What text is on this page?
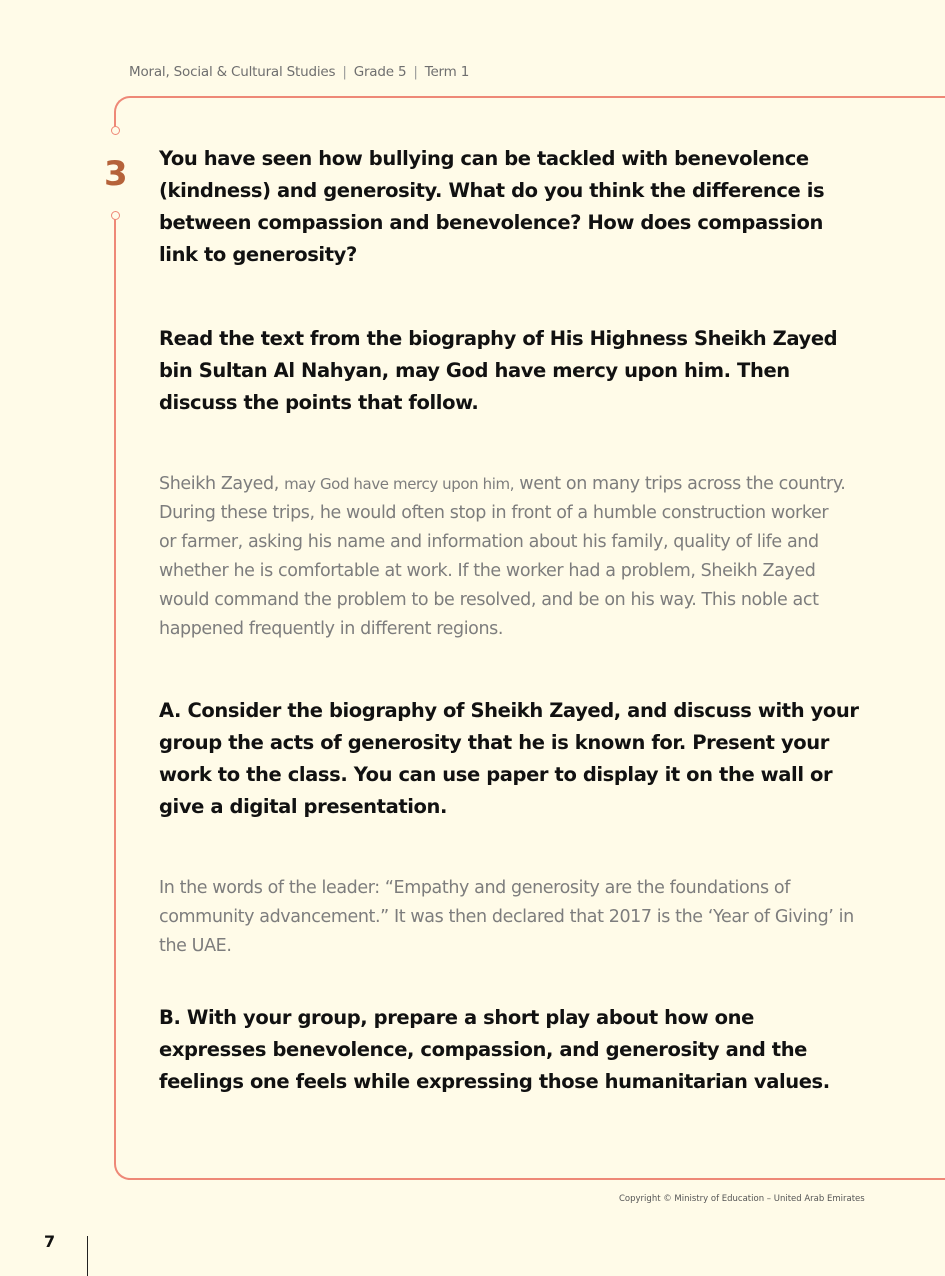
Moral, Social & Cultural Studies | Grade 5 | Term 1
3 You have seen how bullying can be tackled with benevolence (kindness) and generosity. What do you think the difference is between compassion and benevolence? How does compassion link to generosity?

Read the text from the biography of His Highness Sheikh Zayed bin Sultan Al Nahyan, may God have mercy upon him. Then discuss the points that follow.

Sheikh Zayed, may God have mercy upon him, went on many trips across the country. During these trips, he would often stop in front of a humble construction worker or farmer, asking his name and information about his family, quality of life and whether he is comfortable at work. If the worker had a problem, Sheikh Zayed would command the problem to be resolved, and be on his way. This noble act happened frequently in different regions.

A. Consider the biography of Sheikh Zayed, and discuss with your group the acts of generosity that he is known for. Present your work to the class. You can use paper to display it on the wall or give a digital presentation.

In the words of the leader: “Empathy and generosity are the foundations of community advancement.” It was then declared that 2017 is the ‘Year of Giving’ in the UAE.

B. With your group, prepare a short play about how one expresses benevolence, compassion, and generosity and the feelings one feels while expressing those humanitarian values.

Copyright © Ministry of Education – United Arab Emirates
7
